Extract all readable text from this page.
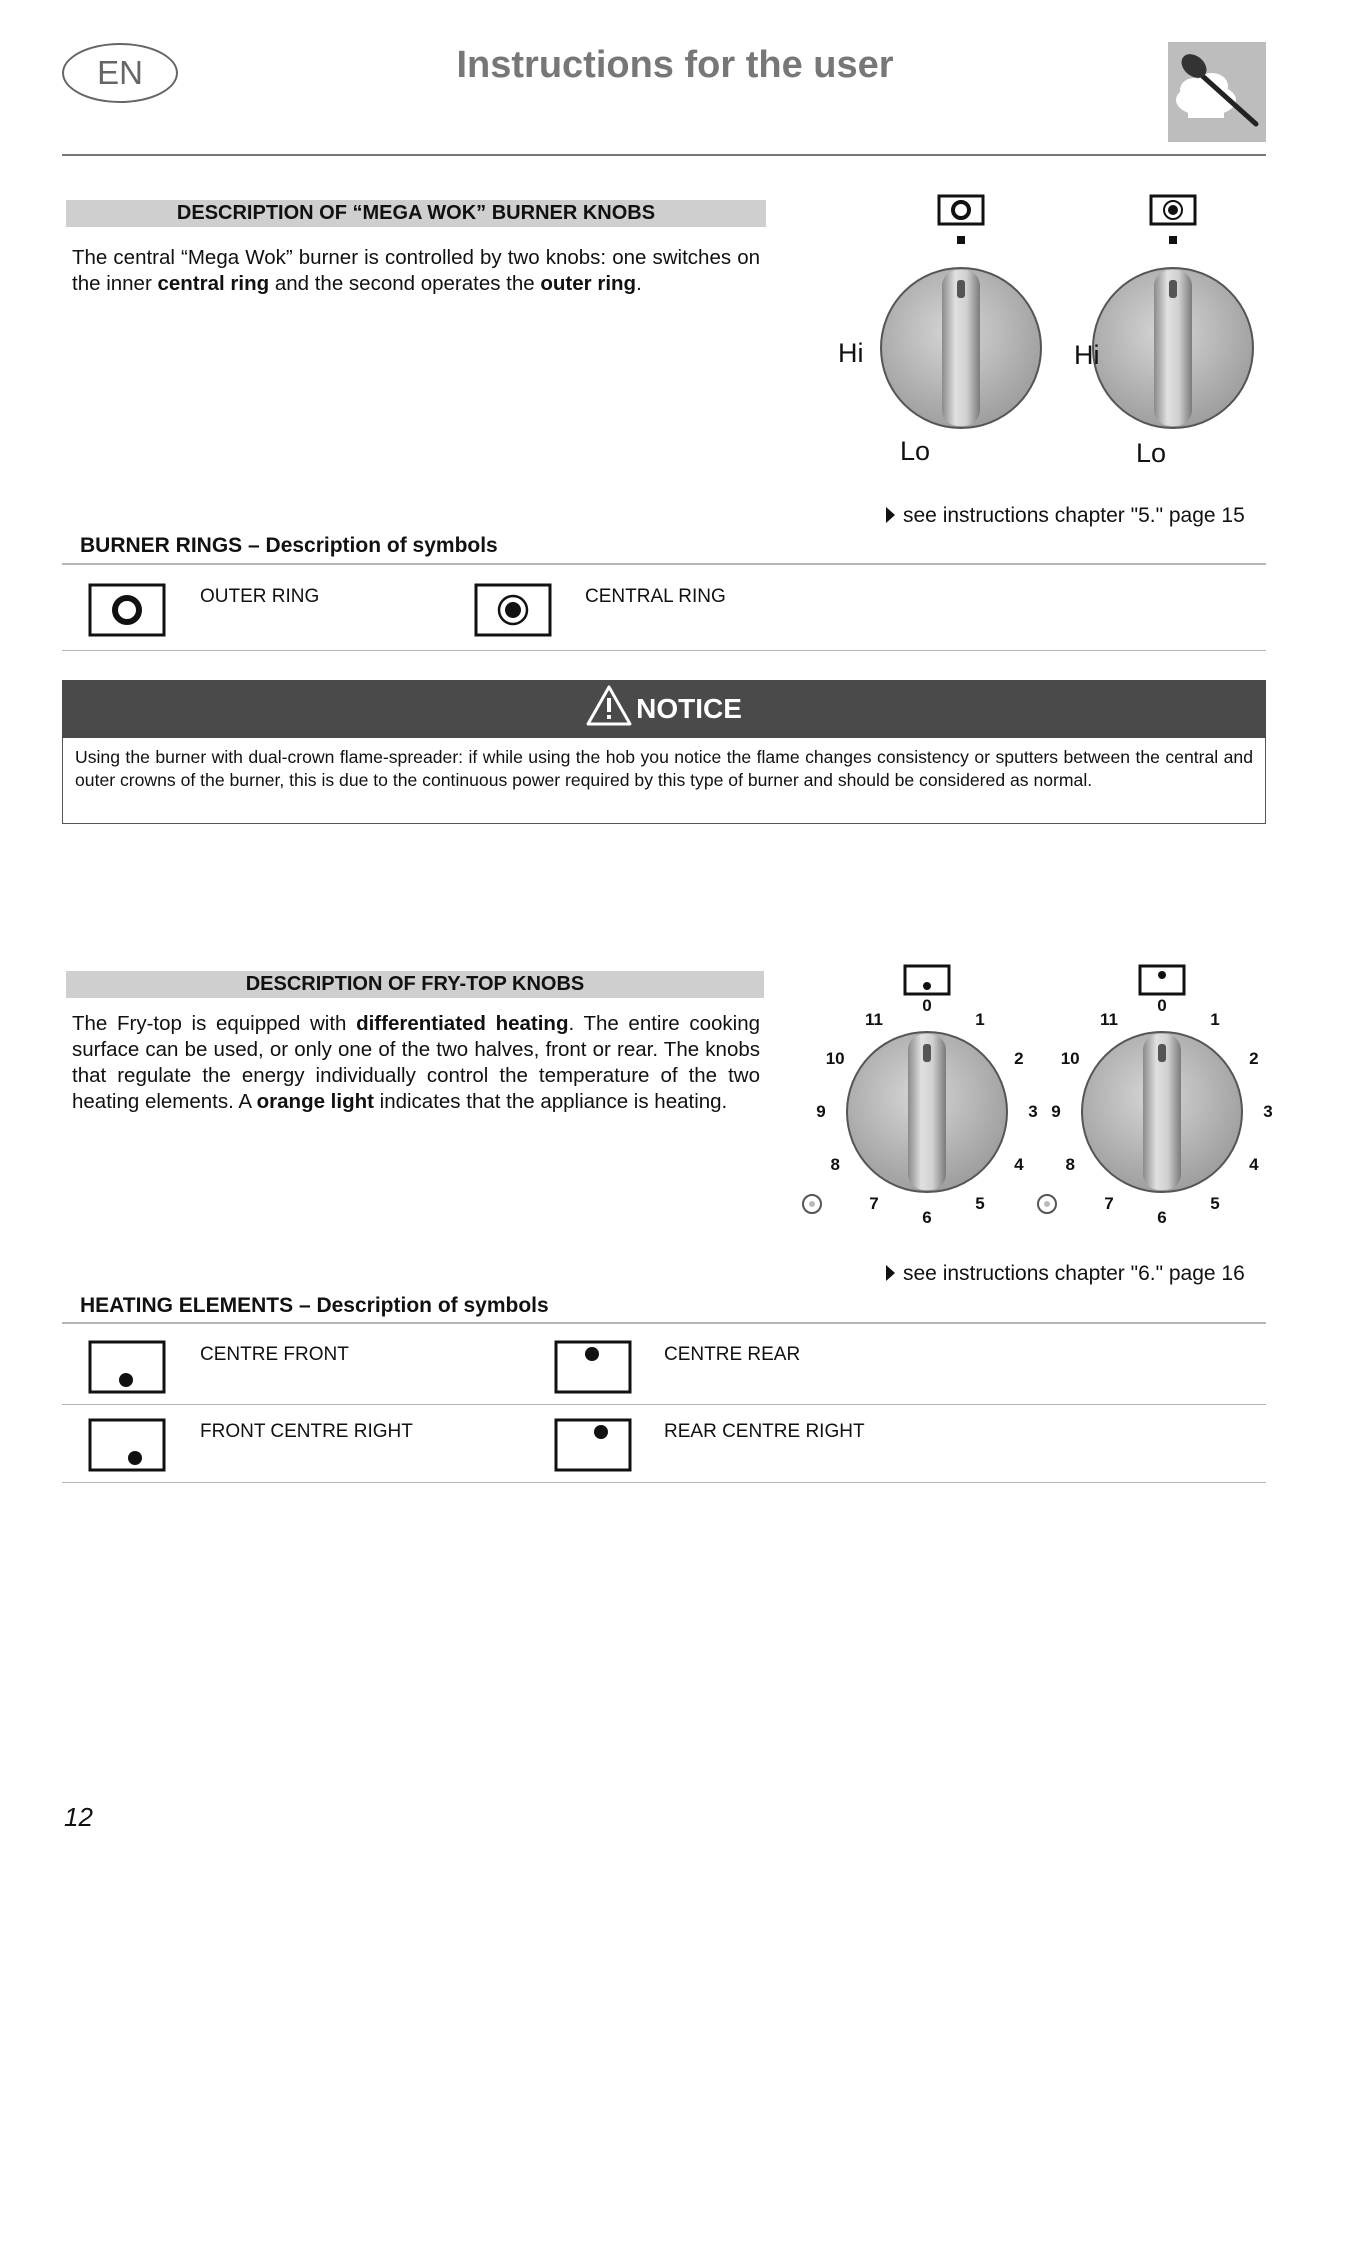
EN	Instructions for the user
DESCRIPTION OF “MEGA WOK” BURNER KNOBS
The central “Mega Wok” burner is controlled by two knobs: one switches on the inner central ring and the second operates the outer ring.
Hi
Lo
Hi
Lo
see instructions chapter "5." page 15
BURNER RINGS – Description of symbols
OUTER RING	CENTRAL RING
NOTICE
Using the burner with dual-crown flame-spreader: if while using the hob you notice the flame changes consistency or sputters between the central and outer crowns of the burner, this is due to the continuous power required by this type of burner and should be considered as normal.
DESCRIPTION OF FRY-TOP KNOBS
The Fry-top is equipped with differentiated heating. The entire cooking surface can be used, or only one of the two halves, front or rear. The knobs that regulate the energy individually control the temperature of the two heating elements. A orange light indicates that the appliance is heating.
0
1
2
3
4
5
6
7
8
9
10
11
0
1
2
3
4
5
6
7
8
9
10
11
see instructions chapter "6." page 16
HEATING ELEMENTS – Description of symbols
CENTRE FRONT	CENTRE REAR
FRONT CENTRE RIGHT	REAR CENTRE RIGHT
12
